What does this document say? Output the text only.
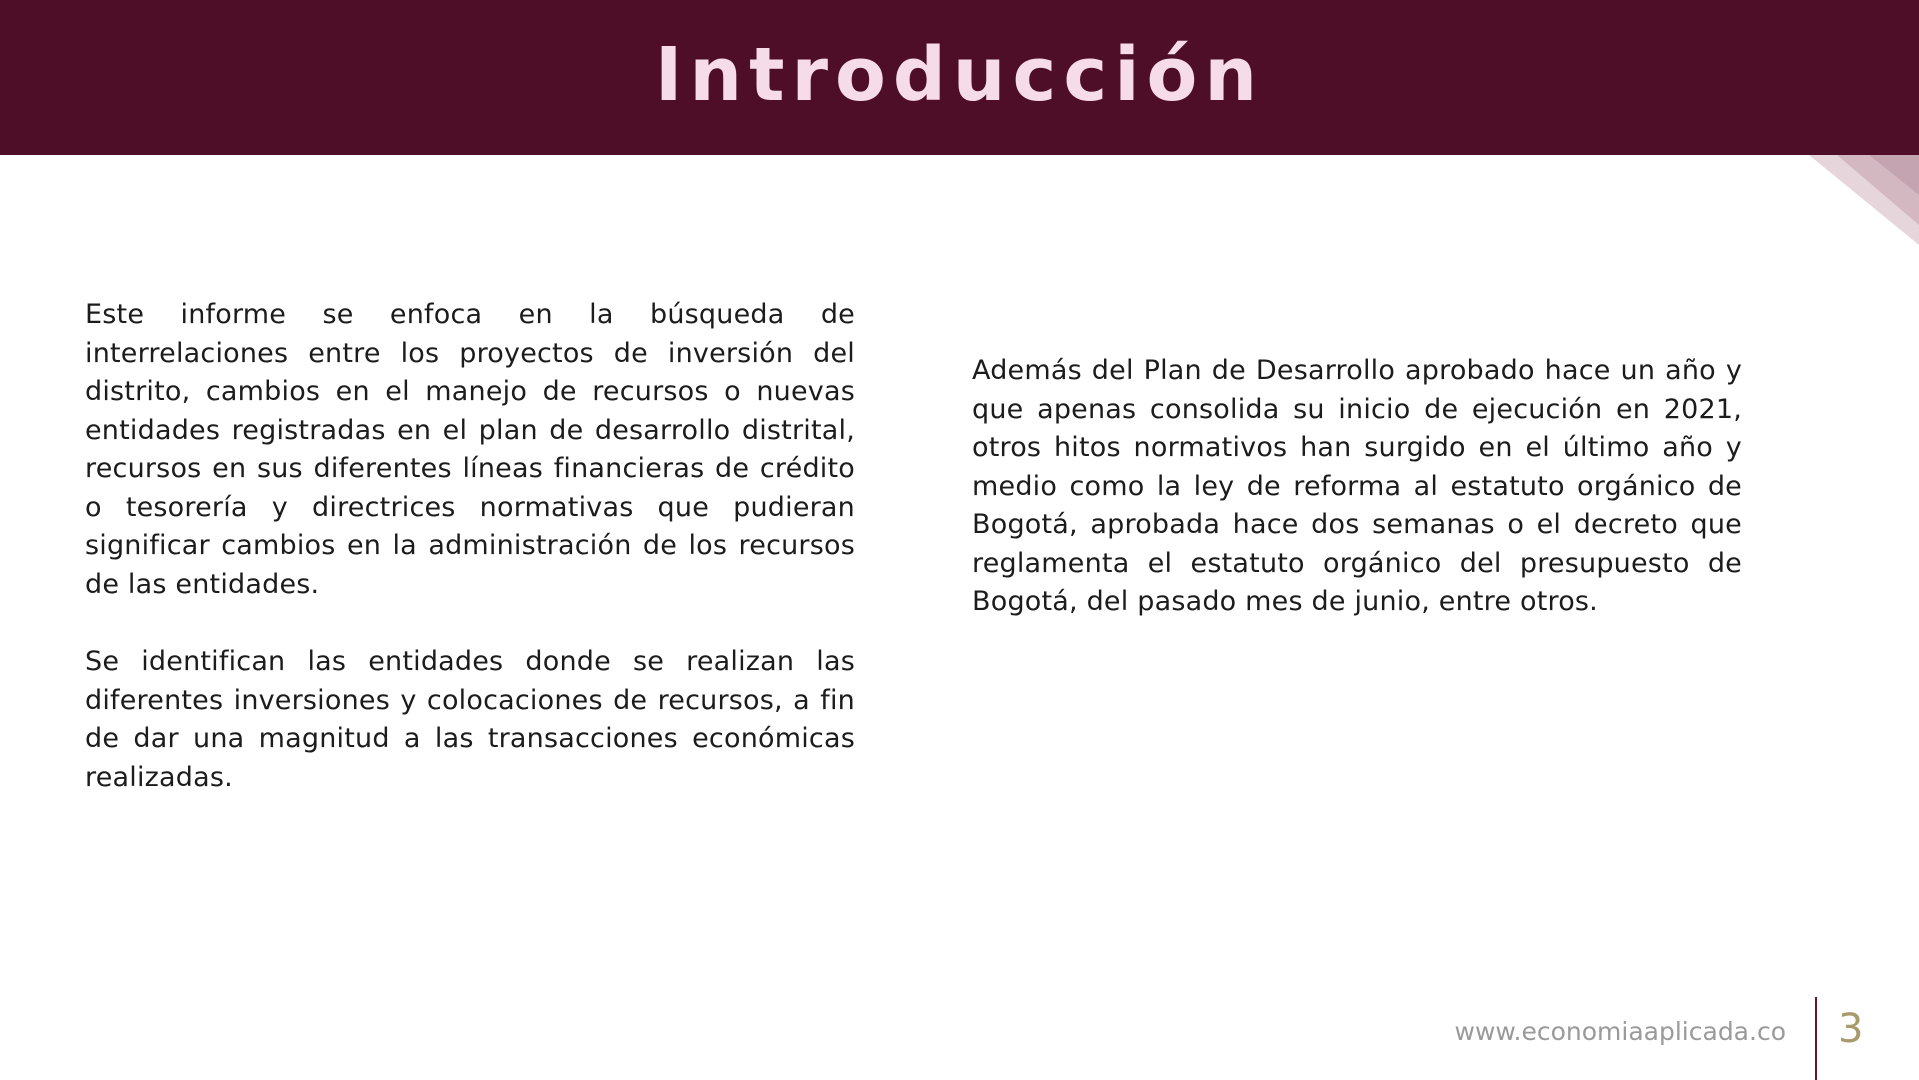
Introducción

Este informe se enfoca en la búsqueda de interrelaciones entre los proyectos de inversión del distrito, cambios en el manejo de recursos o nuevas entidades registradas en el plan de desarrollo distrital, recursos en sus diferentes líneas financieras de crédito o tesorería y directrices normativas que pudieran significar cambios en la administración de los recursos de las entidades.

Se identifican las entidades donde se realizan las diferentes inversiones y colocaciones de recursos, a fin de dar una magnitud a las transacciones económicas realizadas.

Además del Plan de Desarrollo aprobado hace un año y que apenas consolida su inicio de ejecución en 2021, otros hitos normativos han surgido en el último año y medio como la ley de reforma al estatuto orgánico de Bogotá, aprobada hace dos semanas o el decreto que reglamenta el estatuto orgánico del presupuesto de Bogotá, del pasado mes de junio, entre otros.

www.economiaaplicada.co 3
